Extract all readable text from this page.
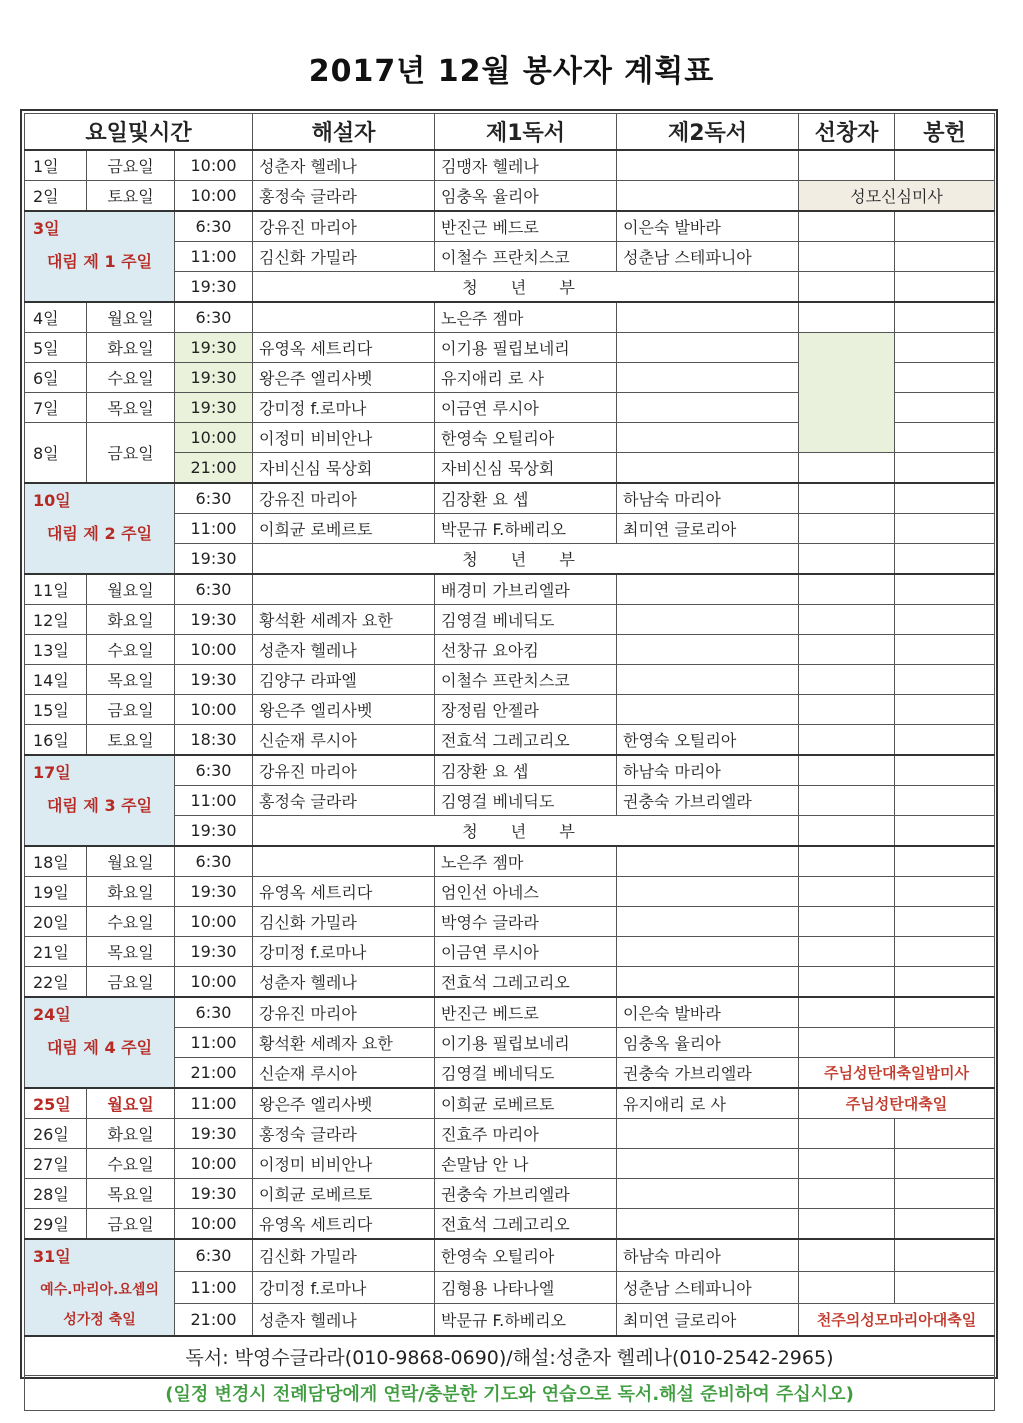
2017년 12월 봉사자 계획표
요일및시간			해설자	제1독서	제2독서	선창자	봉헌
1일	금요일	10:00	성춘자 헬레나	김맹자 헬레나			
2일	토요일	10:00	홍정숙 글라라	임충옥 율리아		성모신심미사	
3일
대림 제 1 주일		6:30	강유진 마리아	반진근 베드로	이은숙 발바라		
		11:00	김신화 가밀라	이철수 프란치스코	성춘남 스테파니아		
		19:30	청 년 부				
4일	월요일	6:30		노은주 젬마			
5일	화요일	19:30	유영옥 세트리다	이기용 필립보네리		

6일	수요일	19:30	왕은주 엘리사벳	유지애리 로 사			
7일	목요일	19:30	강미정 f.로마나	이금연 루시아			
8일	금요일	10:00	이정미 비비안나	한영숙 오틸리아			
		21:00	자비신심 묵상회	자비신심 묵상회			
10일
대림 제 2 주일		6:30	강유진 마리아	김장환 요 셉	하남숙 마리아		
		11:00	이희균 로베르토	박문규 F.하베리오	최미연 글로리아		
		19:30	청 년 부				
11일	월요일	6:30		배경미 가브리엘라			
12일	화요일	19:30	황석환 세례자 요한	김영걸 베네딕도			
13일	수요일	10:00	성춘자 헬레나	선창규 요아킴			
14일	목요일	19:30	김양구 라파엘	이철수 프란치스코			
15일	금요일	10:00	왕은주 엘리사벳	장정림 안젤라			
16일	토요일	18:30	신순재 루시아	전효석 그레고리오	한영숙 오틸리아		
17일
대림 제 3 주일		6:30	강유진 마리아	김장환 요 셉	하남숙 마리아		
		11:00	홍정숙 글라라	김영걸 베네딕도	권충숙 가브리엘라		
		19:30	청 년 부				
18일	월요일	6:30		노은주 젬마			
19일	화요일	19:30	유영옥 세트리다	엄인선 아네스			
20일	수요일	10:00	김신화 가밀라	박영수 글라라			
21일	목요일	19:30	강미정 f.로마나	이금연 루시아			
22일	금요일	10:00	성춘자 헬레나	전효석 그레고리오			
24일
대림 제 4 주일		6:30	강유진 마리아	반진근 베드로	이은숙 발바라		
		11:00	황석환 세례자 요한	이기용 필립보네리	임충옥 율리아		
		21:00	신순재 루시아	김영걸 베네딕도	권충숙 가브리엘라	주님성탄대축일밤미사	
25일	월요일	11:00	왕은주 엘리사벳	이희균 로베르토	유지애리 로 사	주님성탄대축일	
26일	화요일	19:30	홍정숙 글라라	진효주 마리아			
27일	수요일	10:00	이정미 비비안나	손말남 안 나			
28일	목요일	19:30	이희균 로베르토	권충숙 가브리엘라			
29일	금요일	10:00	유영옥 세트리다	전효석 그레고리오			
31일
예수.마리아.요셉의
성가정 축일		6:30	김신화 가밀라	한영숙 오틸리아	하남숙 마리아		
		11:00	강미정 f.로마나	김형용 나타나엘	성춘남 스테파니아		
		21:00	성춘자 헬레나	박문규 F.하베리오	최미연 글로리아	천주의성모마리아대축일	
독서: 박영수글라라(010-9868-0690)/해설:성춘자 헬레나(010-2542-2965)							
(일정 변경시 전례담당에게 연락/충분한 기도와 연습으로 독서.해설 준비하여 주십시오)							
